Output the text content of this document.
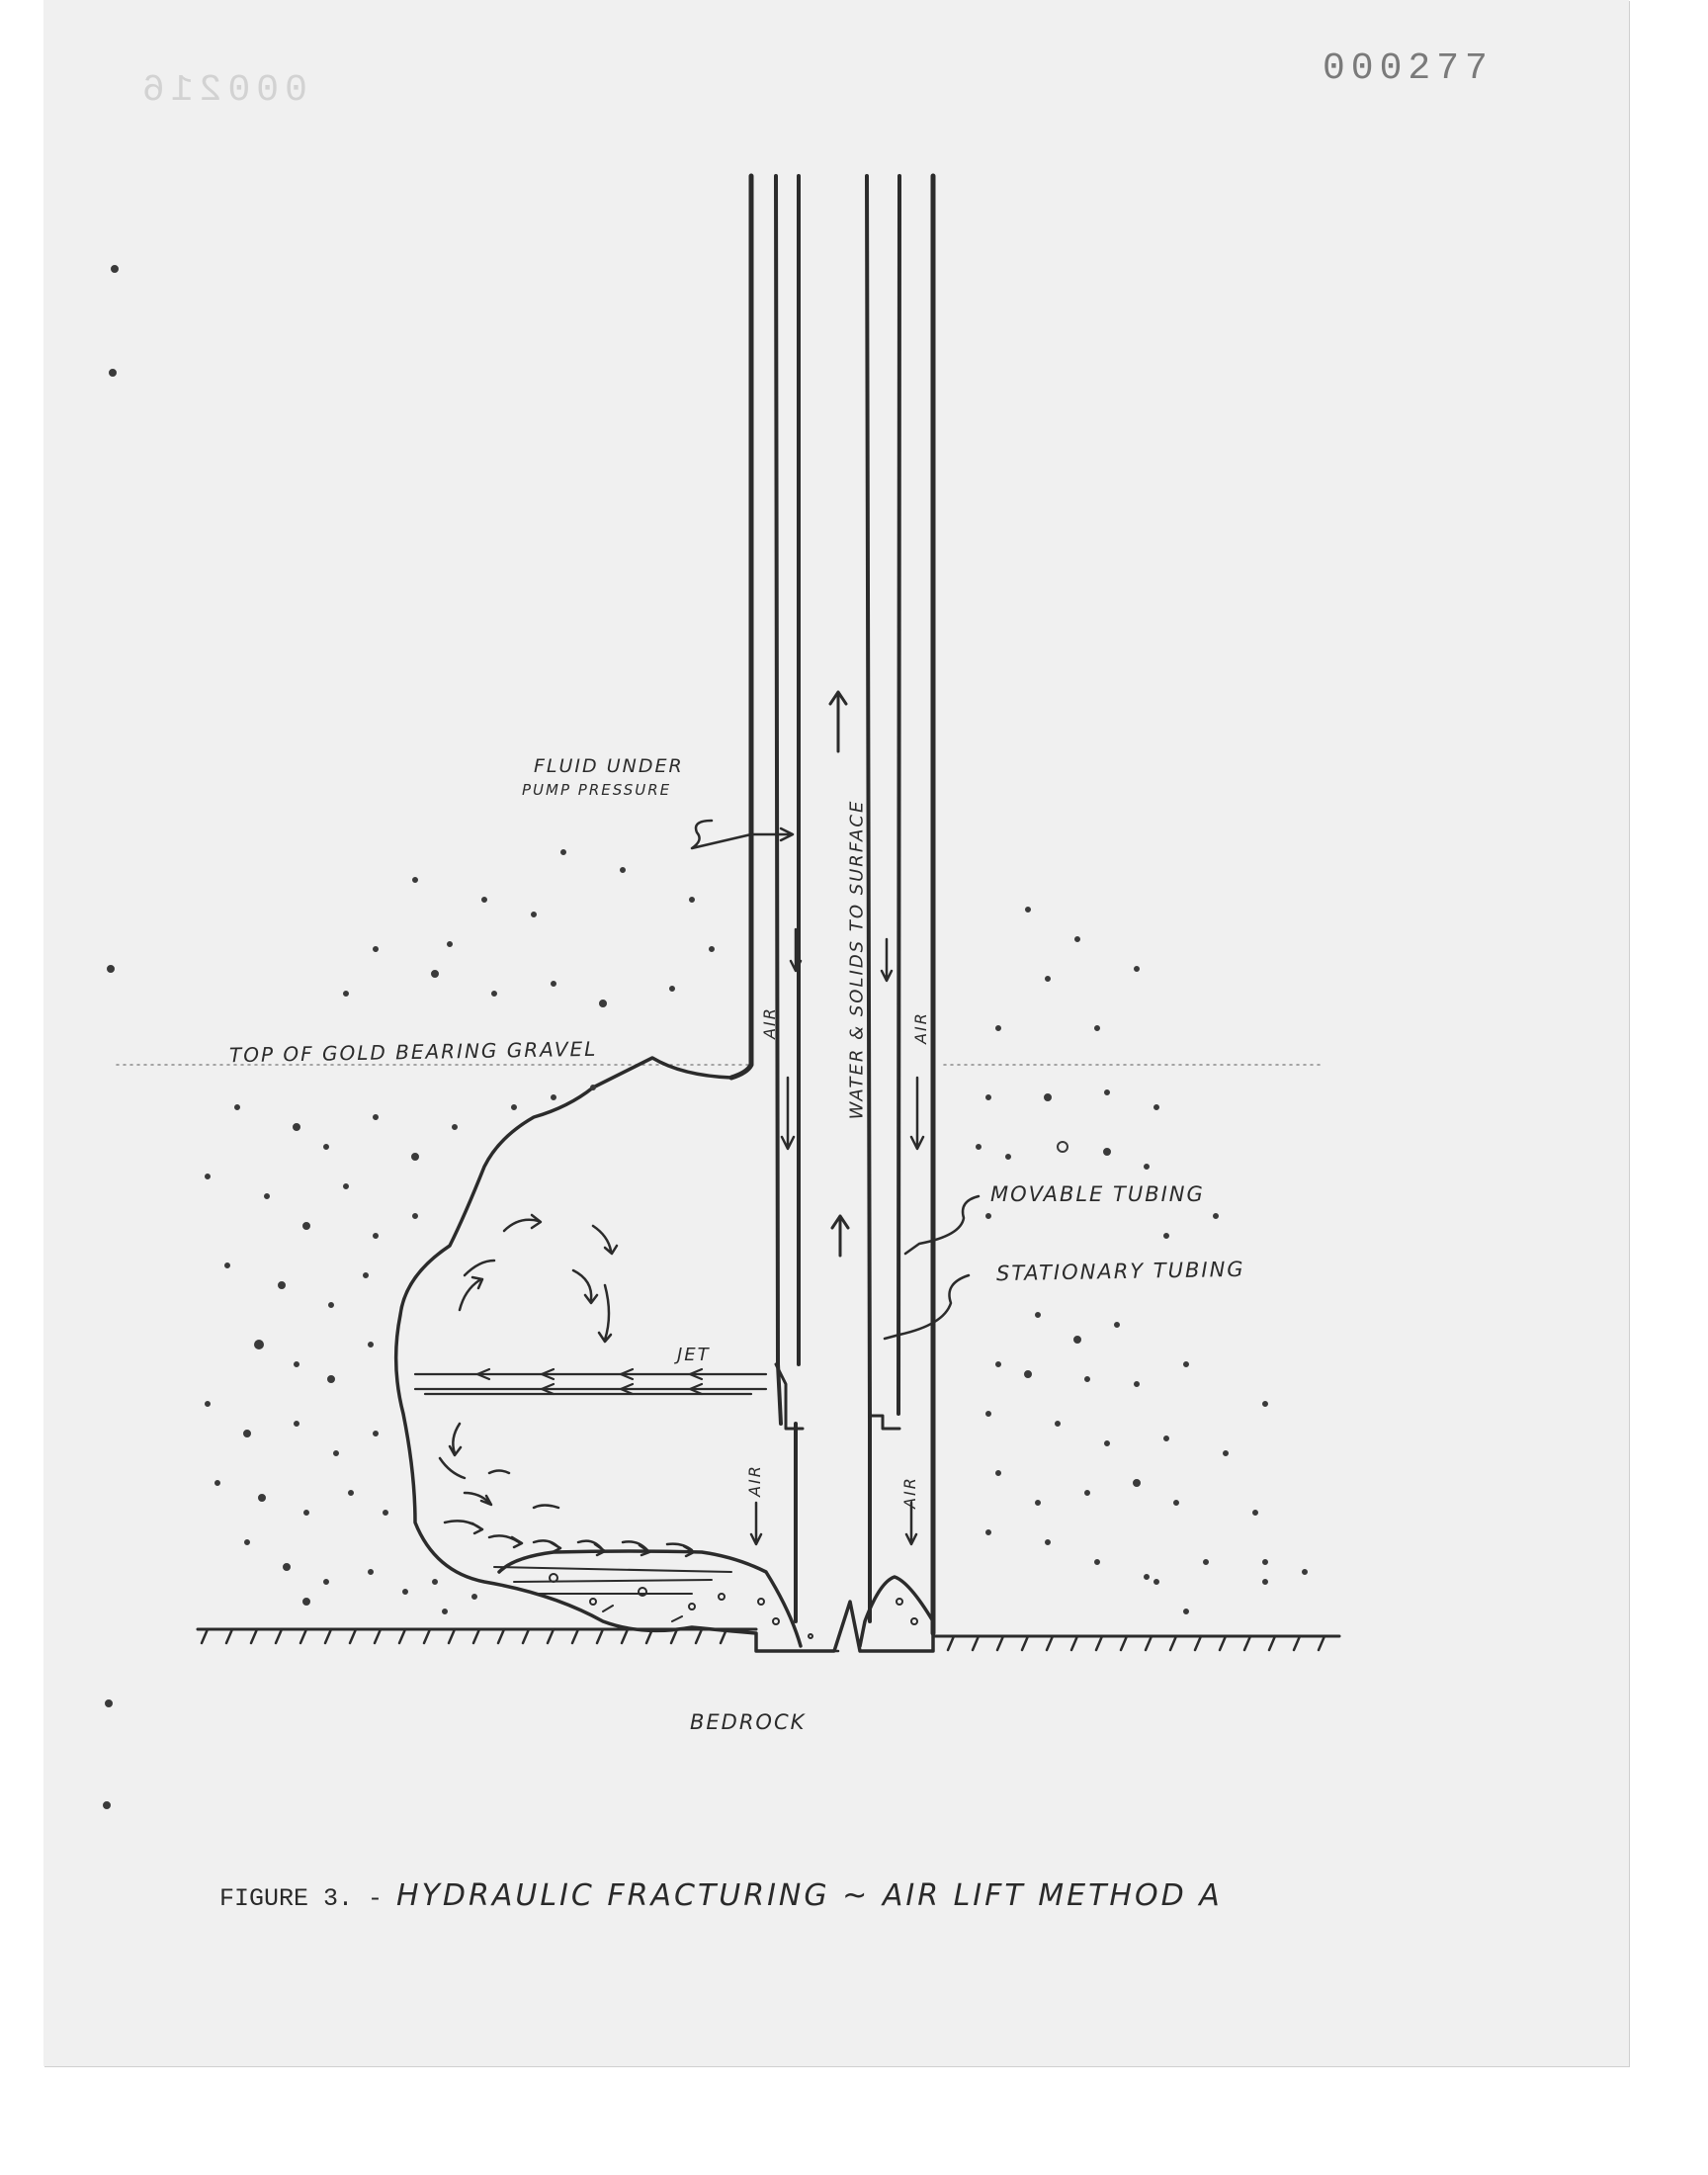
000216
000277
FLUID UNDER
PUMP PRESSURE
WATER & SOLIDS TO SURFACE
AIR	AIR
AIR	AIR
TOP OF GOLD BEARING GRAVEL
MOVABLE TUBING
STATIONARY TUBING
JET
BEDROCK
FIGURE 3. - HYDRAULIC FRACTURING ~ AIR LIFT METHOD A
